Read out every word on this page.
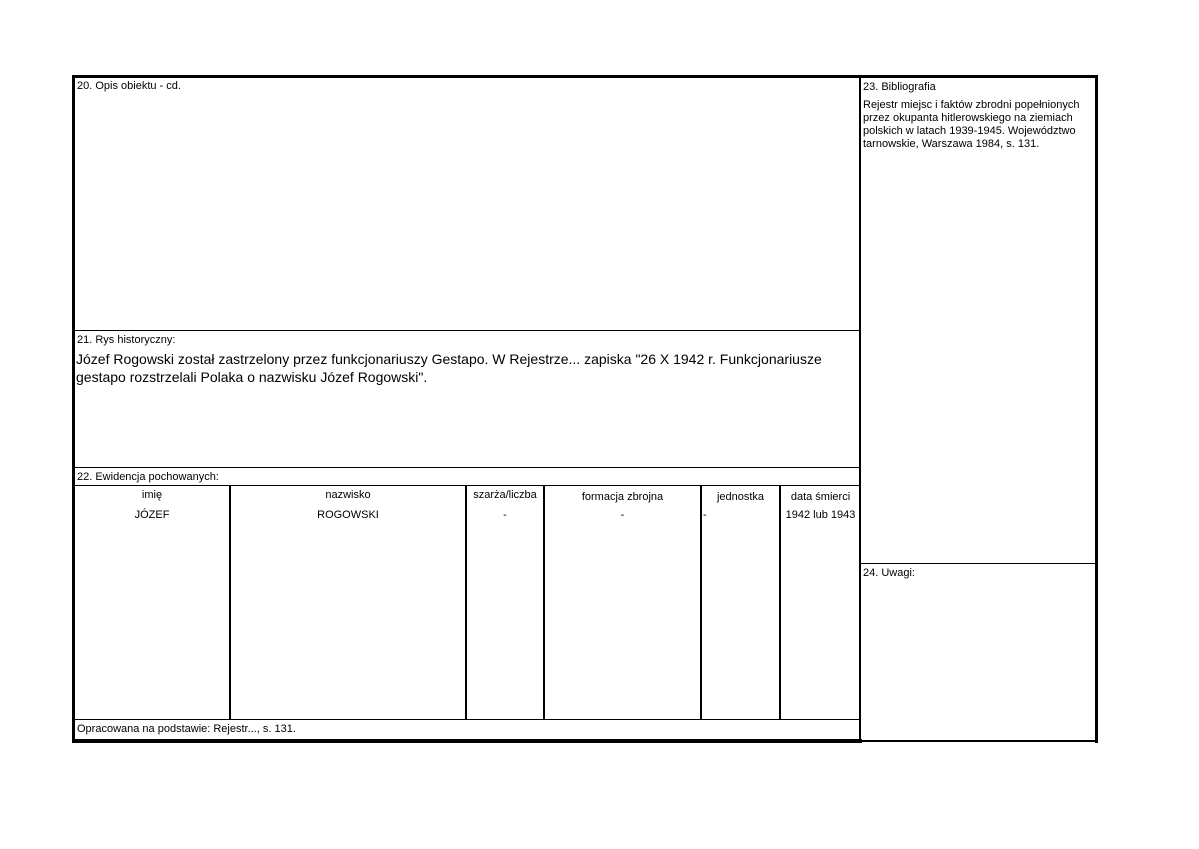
20. Opis obiektu - cd.
21. Rys historyczny:
Józef Rogowski został zastrzelony przez funkcjonariuszy Gestapo. W Rejestrze... zapiska "26 X 1942 r. Funkcjonariusze
gestapo rozstrzelali Polaka o nazwisku Józef Rogowski".
22. Ewidencja pochowanych:
imię	nazwisko	szarża/liczba	formacja zbrojna	jednostka	data śmierci
JÓZEF	ROGOWSKI	-	-	-	1942 lub 1943
Opracowana na podstawie: Rejestr..., s. 131.
23. Bibliografia
Rejestr miejsc i faktów zbrodni popełnionych
przez okupanta hitlerowskiego na ziemiach
polskich w latach 1939-1945. Województwo
tarnowskie, Warszawa 1984, s. 131.
24. Uwagi:
